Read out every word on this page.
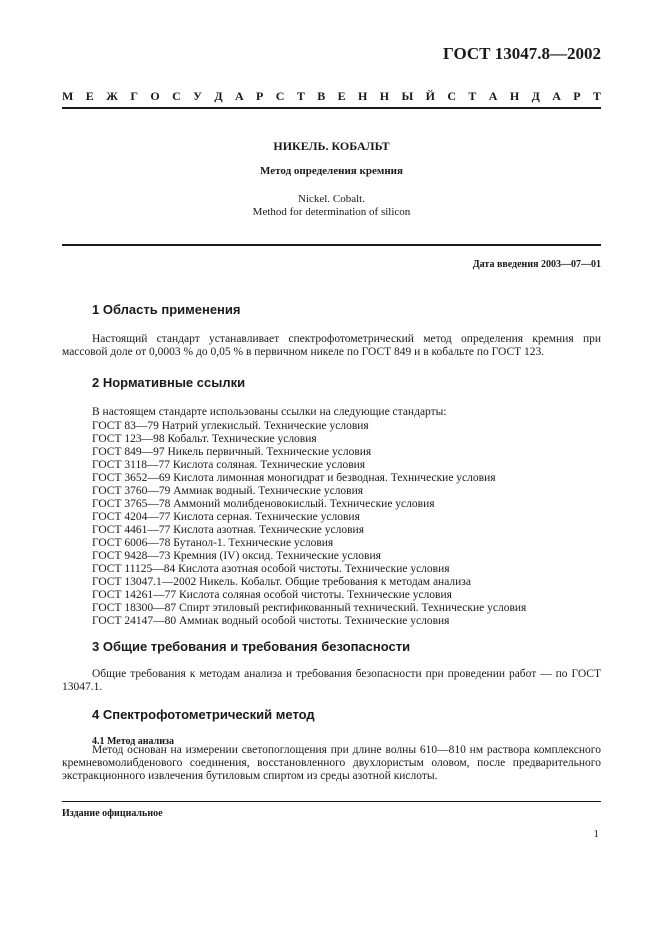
ГОСТ 13047.8—2002
М Е Ж Г О С У Д А Р С Т В Е Н Н Ы Й С Т А Н Д А Р Т
НИКЕЛЬ. КОБАЛЬТ
Метод определения кремния
Nickel. Cobalt.
Method for determination of silicon
Дата введения 2003—07—01
1 Область применения
Настоящий стандарт устанавливает спектрофотометрический метод определения кремния при массовой доле от 0,0003 % до 0,05 % в первичном никеле по ГОСТ 849 и в кобальте по ГОСТ 123.
2 Нормативные ссылки
В настоящем стандарте использованы ссылки на следующие стандарты:
ГОСТ 83—79 Натрий углекислый. Технические условия
ГОСТ 123—98 Кобальт. Технические условия
ГОСТ 849—97 Никель первичный. Технические условия
ГОСТ 3118—77 Кислота соляная. Технические условия
ГОСТ 3652—69 Кислота лимонная моногидрат и безводная. Технические условия
ГОСТ 3760—79 Аммиак водный. Технические условия
ГОСТ 3765—78 Аммоний молибденовокислый. Технические условия
ГОСТ 4204—77 Кислота серная. Технические условия
ГОСТ 4461—77 Кислота азотная. Технические условия
ГОСТ 6006—78 Бутанол-1. Технические условия
ГОСТ 9428—73 Кремния (IV) оксид. Технические условия
ГОСТ 11125—84 Кислота азотная особой чистоты. Технические условия
ГОСТ 13047.1—2002 Никель. Кобальт. Общие требования к методам анализа
ГОСТ 14261—77 Кислота соляная особой чистоты. Технические условия
ГОСТ 18300—87 Спирт этиловый ректификованный технический. Технические условия
ГОСТ 24147—80 Аммиак водный особой чистоты. Технические условия
3 Общие требования и требования безопасности
Общие требования к методам анализа и требования безопасности при проведении работ — по ГОСТ 13047.1.
4 Спектрофотометрический метод
4.1 Метод анализа
Метод основан на измерении светопоглощения при длине волны 610—810 нм раствора комплексного кремневомолибденового соединения, восстановленного двухлористым оловом, после предварительного экстракционного извлечения бутиловым спиртом из среды азотной кислоты.
Издание официальное
1
